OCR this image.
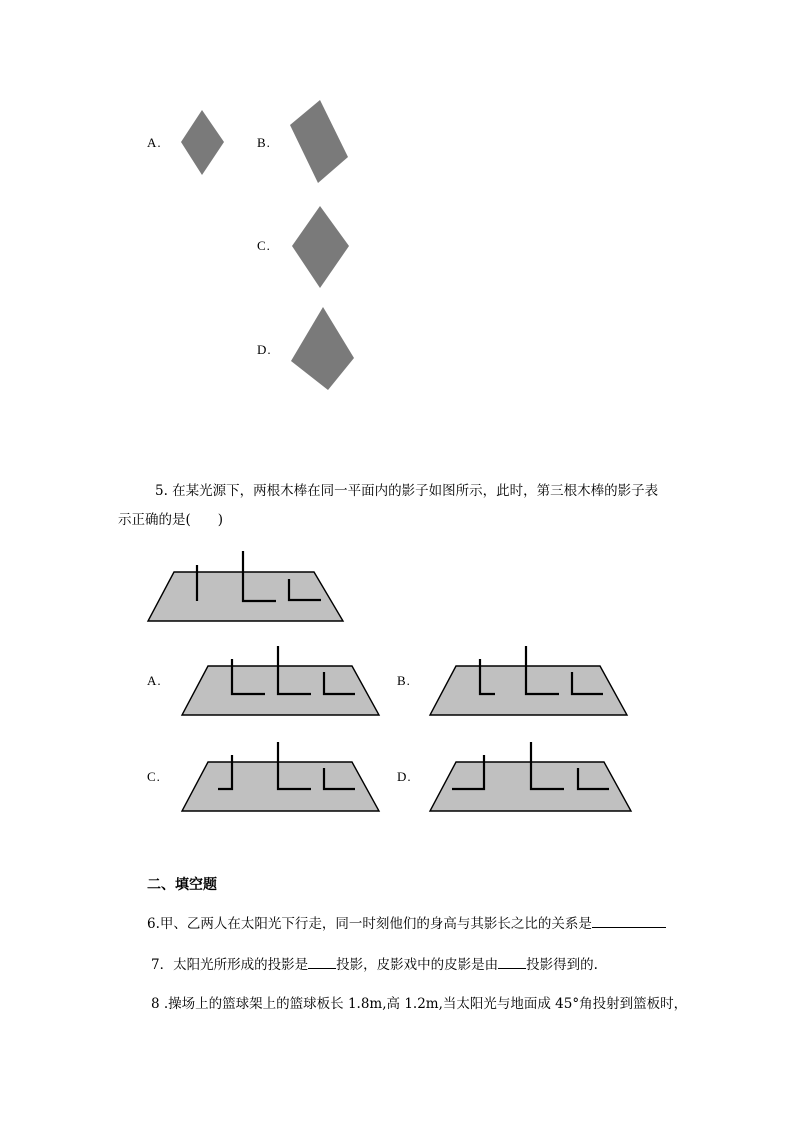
A.	B.
C.
D.
5. 在某光源下，两根木棒在同一平面内的影子如图所示，此时，第三根木棒的影子表
示正确的是(　　)
A.	B.
C.	D.
二、填空题
6.甲、乙两人在太阳光下行走，同一时刻他们的身高与其影长之比的关系是
7．太阳光所形成的投影是 投影，皮影戏中的皮影是由 投影得到的.
8 .操场上的篮球架上的篮球板长 1.8m,高 1.2m,当太阳光与地面成 45°角投射到篮板时，
